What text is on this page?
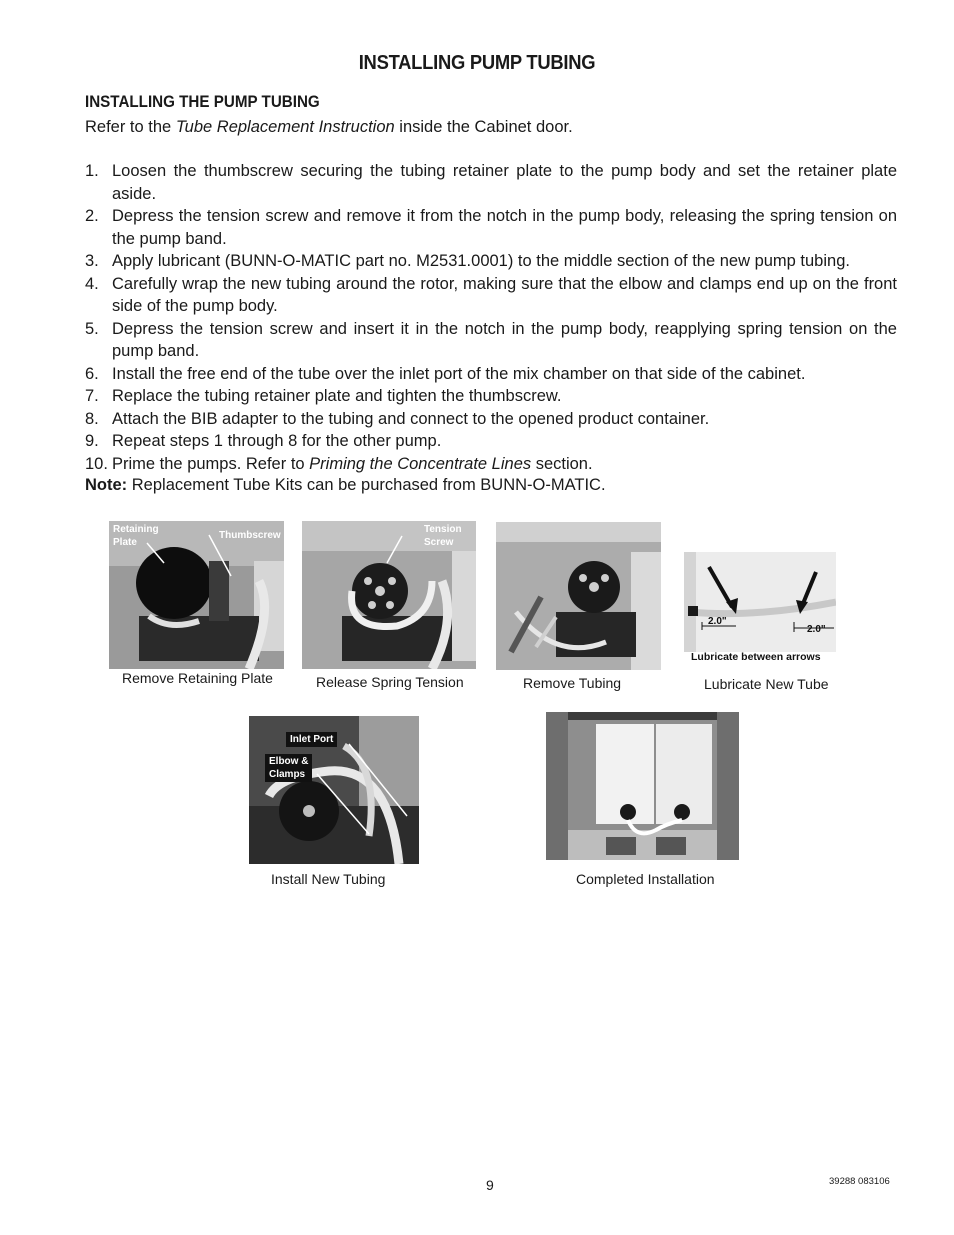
INSTALLING PUMP TUBING
INSTALLING THE PUMP TUBING
Refer to the Tube Replacement Instruction inside the Cabinet door.
1. Loosen the thumbscrew securing the tubing retainer plate to the pump body and set the retainer plate aside.
2. Depress the tension screw and remove it from the notch in the pump body, releasing the spring tension on the pump band.
3. Apply lubricant (BUNN-O-MATIC part no. M2531.0001) to the middle section of the new pump tubing.
4. Carefully wrap the new tubing around the rotor, making sure that the elbow and clamps end up on the front side of the pump body.
5. Depress the tension screw and insert it in the notch in the pump body, reapplying spring tension on the pump band.
6. Install the free end of the tube over the inlet port of the mix chamber on that side of the cabinet.
7. Replace the tubing retainer plate and tighten the thumbscrew.
8. Attach the BIB adapter to the tubing and connect to the opened product container.
9. Repeat steps 1 through 8 for the other pump.
10. Prime the pumps. Refer to Priming the Concentrate Lines section.
Note: Replacement Tube Kits can be purchased from BUNN-O-MATIC.
Retaining
Plate
Thumbscrew
Remove Retaining Plate
Tension
Screw
Release Spring Tension	Remove Tubing
2.0"
2.0"
Lubricate between arrows
Lubricate New Tube
Inlet Port
Elbow &
Clamps
Install New Tubing	Completed Installation
9	39288 083106
